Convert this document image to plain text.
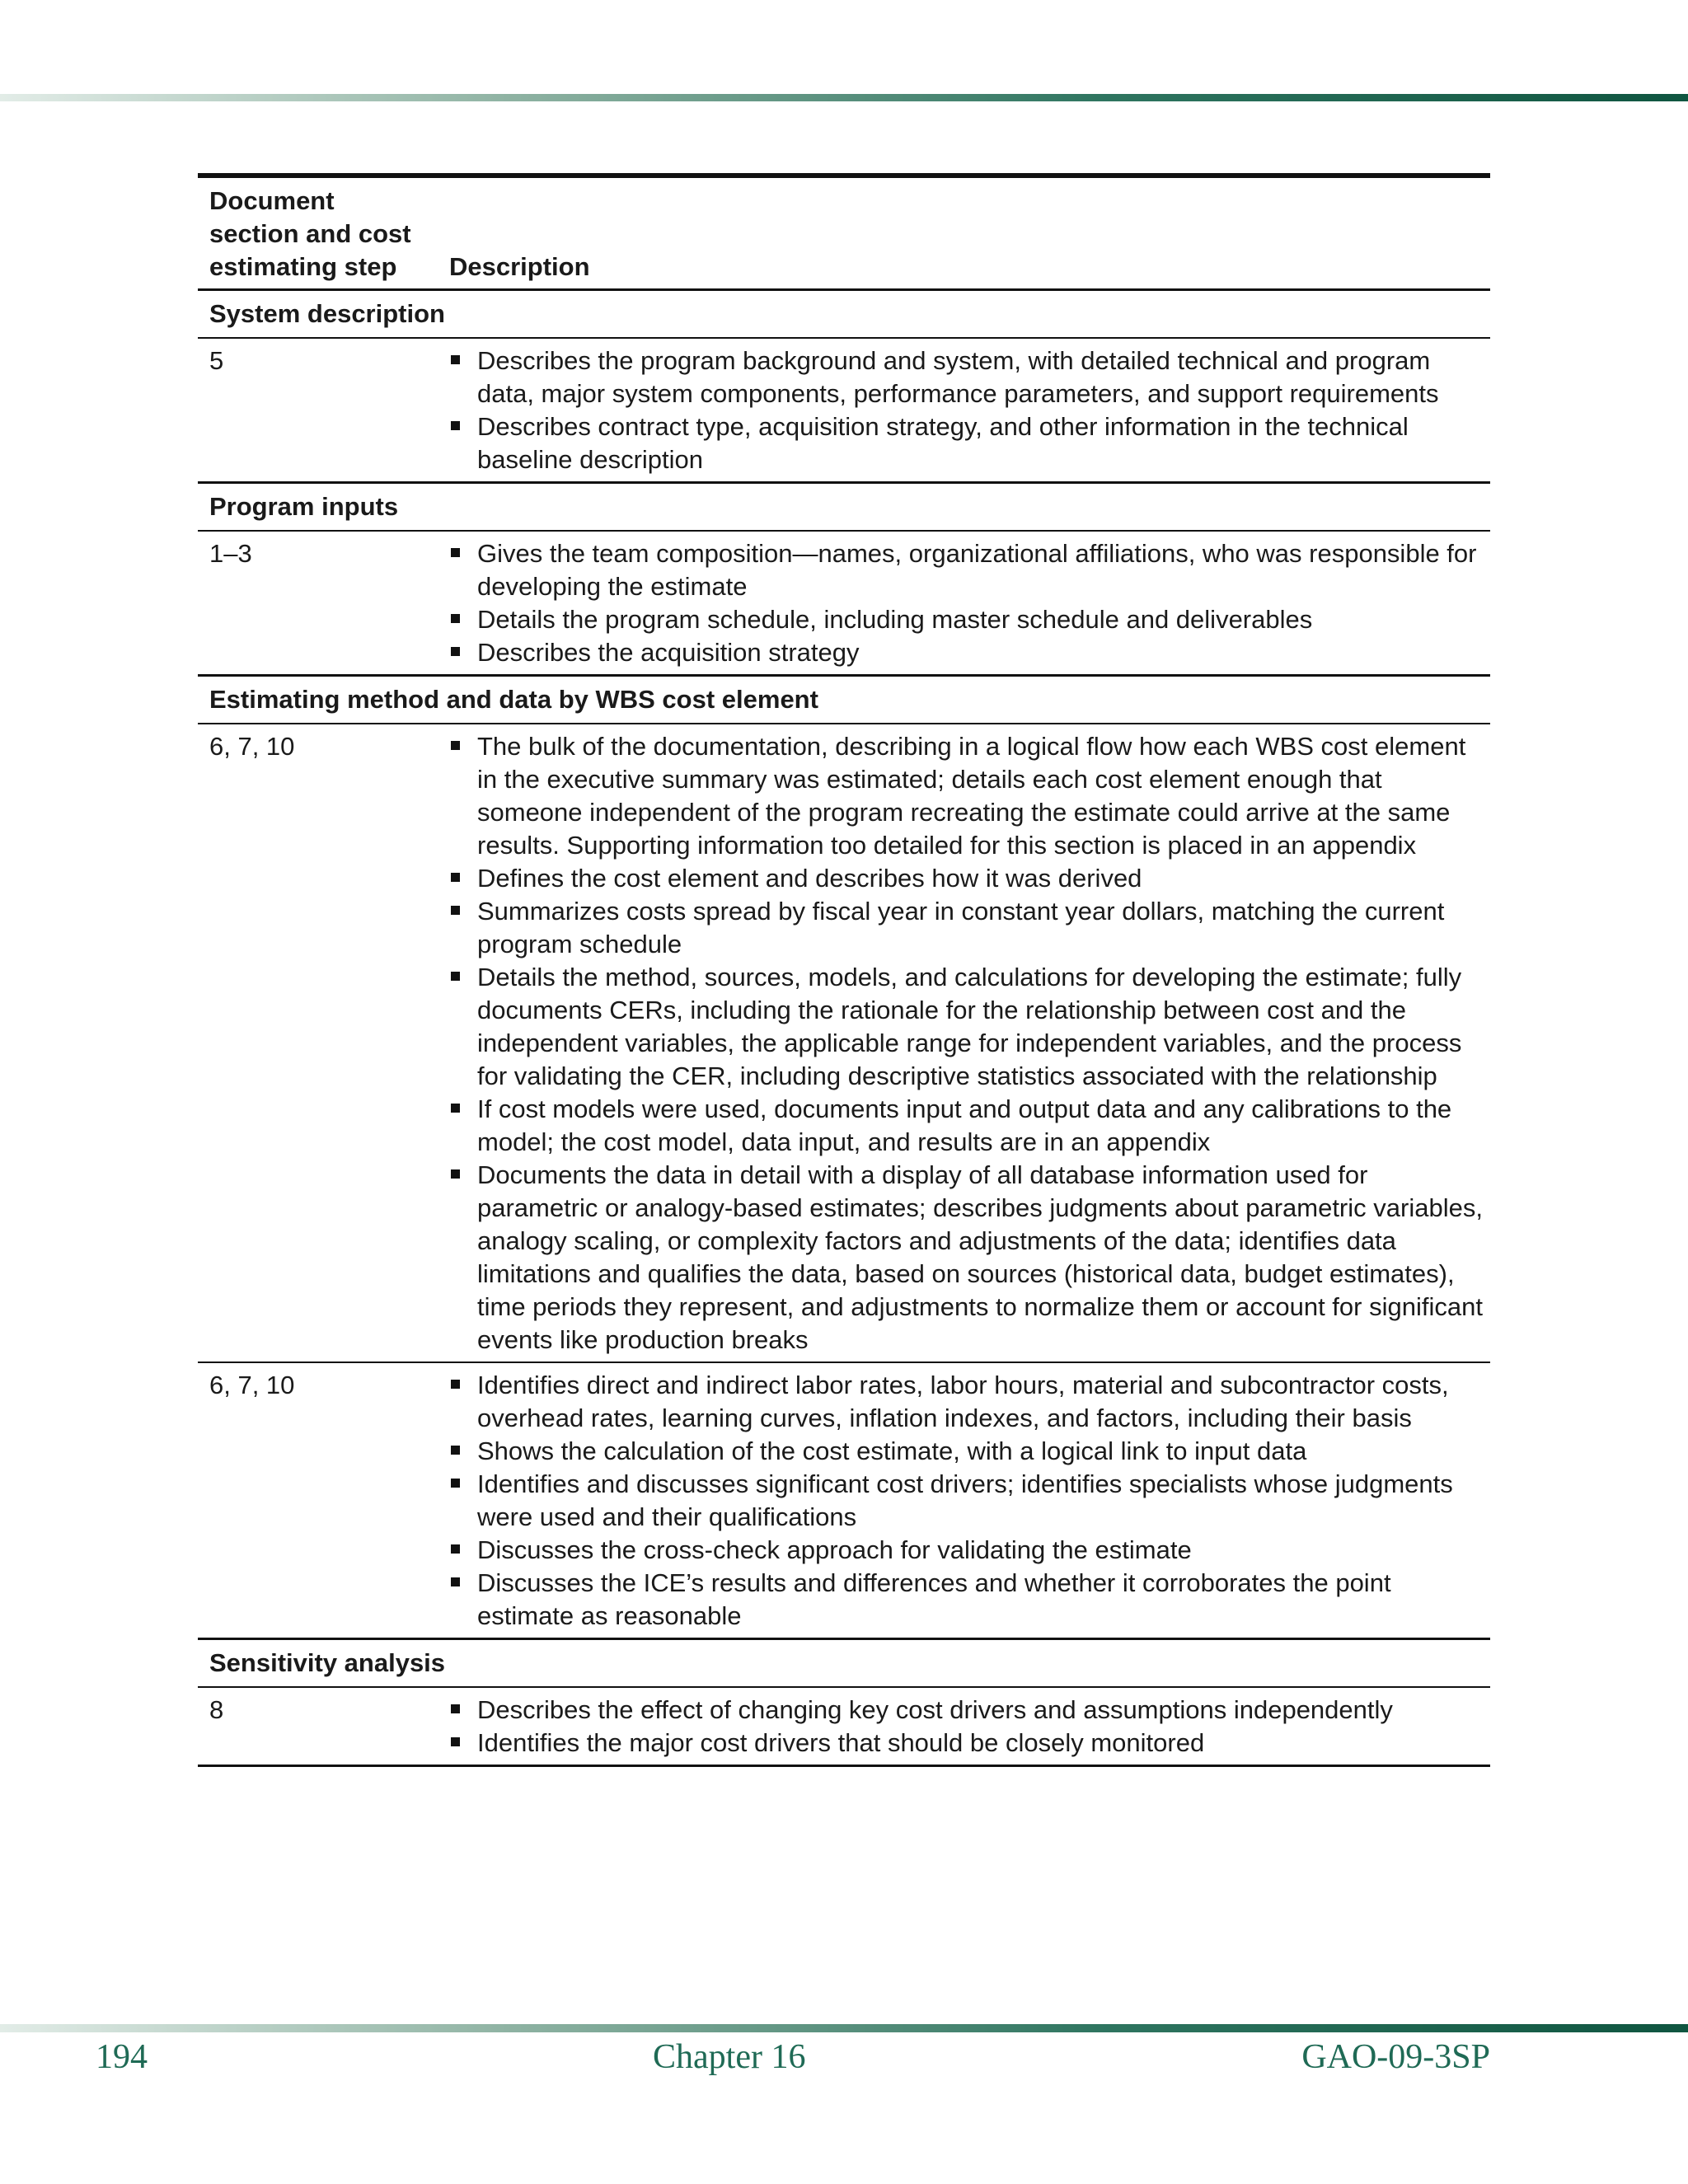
Document
section and cost
estimating step	Description
System description
5	Describes the program background and system, with detailed technical and program data, major system components, performance parameters, and support requirements
Describes contract type, acquisition strategy, and other information in the technical baseline description
Program inputs
1–3	Gives the team composition—names, organizational affiliations, who was responsible for developing the estimate
Details the program schedule, including master schedule and deliverables
Describes the acquisition strategy
Estimating method and data by WBS cost element
6, 7, 10	The bulk of the documentation, describing in a logical flow how each WBS cost element in the executive summary was estimated; details each cost element enough that someone independent of the program recreating the estimate could arrive at the same results. Supporting information too detailed for this section is placed in an appendix
Defines the cost element and describes how it was derived
Summarizes costs spread by fiscal year in constant year dollars, matching the current program schedule
Details the method, sources, models, and calculations for developing the estimate; fully documents CERs, including the rationale for the relationship between cost and the independent variables, the applicable range for independent variables, and the process for validating the CER, including descriptive statistics associated with the relationship
If cost models were used, documents input and output data and any calibrations to the model; the cost model, data input, and results are in an appendix
Documents the data in detail with a display of all database information used for parametric or analogy-based estimates; describes judgments about parametric variables, analogy scaling, or complexity factors and adjustments of the data; identifies data limitations and qualifies the data, based on sources (historical data, budget estimates), time periods they represent, and adjustments to normalize them or account for significant events like production breaks
6, 7, 10	Identifies direct and indirect labor rates, labor hours, material and subcontractor costs, overhead rates, learning curves, inflation indexes, and factors, including their basis
Shows the calculation of the cost estimate, with a logical link to input data
Identifies and discusses significant cost drivers; identifies specialists whose judgments were used and their qualifications
Discusses the cross-check approach for validating the estimate
Discusses the ICE’s results and differences and whether it corroborates the point estimate as reasonable
Sensitivity analysis
8	Describes the effect of changing key cost drivers and assumptions independently
Identifies the major cost drivers that should be closely monitored
194	Chapter 16	GAO-09-3SP
